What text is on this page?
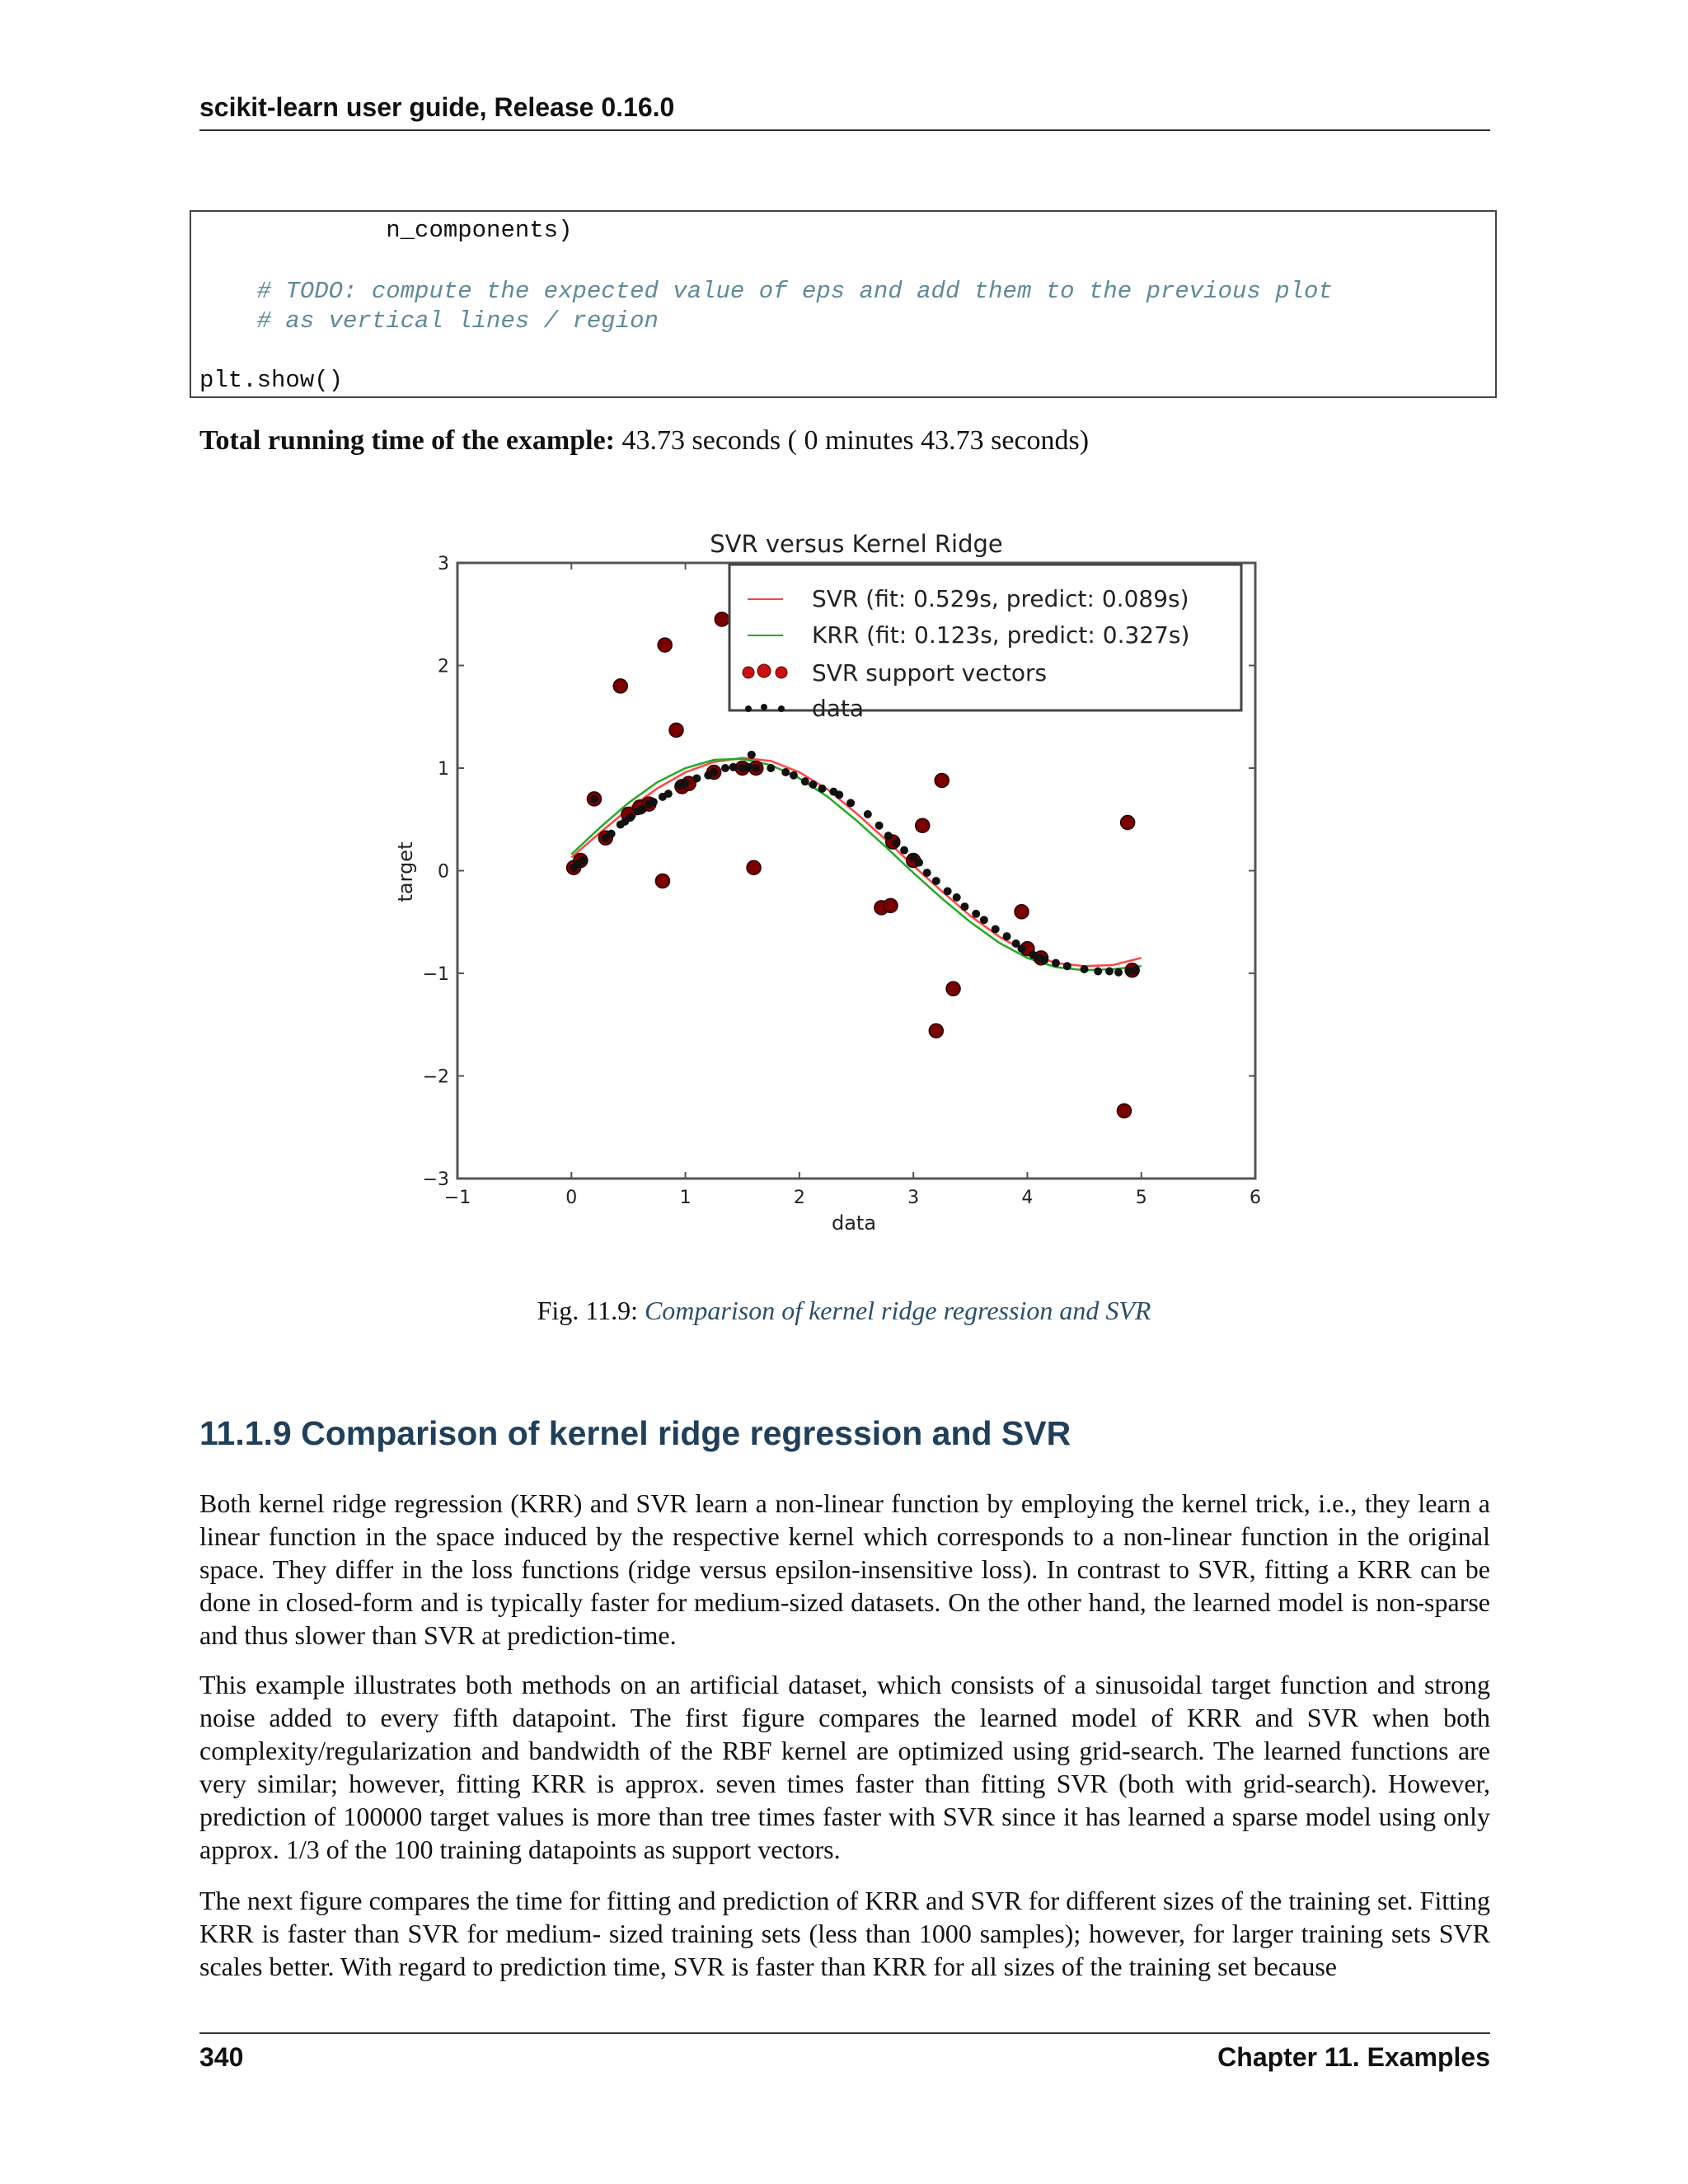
scikit-learn user guide, Release 0.16.0
n_components)
# TODO: compute the expected value of eps and add them to the previous plot
# as vertical lines / region
plt.show()
Total running time of the example: 43.73 seconds ( 0 minutes 43.73 seconds)
SVR versus Kernel Ridge
−1	0	1	2	3	4	5	6
−3
−2
−1
0
1
2
3
data
target
SVR (fit: 0.529s, predict: 0.089s)
KRR (fit: 0.123s, predict: 0.327s)
SVR support vectors
data
Fig. 11.9: Comparison of kernel ridge regression and SVR
11.1.9 Comparison of kernel ridge regression and SVR

Both kernel ridge regression (KRR) and SVR learn a non-linear function by employing the kernel trick, i.e., they learn a linear function in the space induced by the respective kernel which corresponds to a non-linear function in the original space. They differ in the loss functions (ridge versus epsilon-insensitive loss). In contrast to SVR, fitting a KRR can be done in closed-form and is typically faster for medium-sized datasets. On the other hand, the learned model is non-sparse and thus slower than SVR at prediction-time.

This example illustrates both methods on an artificial dataset, which consists of a sinusoidal target function and strong noise added to every fifth datapoint. The first figure compares the learned model of KRR and SVR when both complexity/regularization and bandwidth of the RBF kernel are optimized using grid-search. The learned functions are very similar; however, fitting KRR is approx. seven times faster than fitting SVR (both with grid-search). However, prediction of 100000 target values is more than tree times faster with SVR since it has learned a sparse model using only approx. 1/3 of the 100 training datapoints as support vectors.

The next figure compares the time for fitting and prediction of KRR and SVR for different sizes of the training set. Fitting KRR is faster than SVR for medium- sized training sets (less than 1000 samples); however, for larger training sets SVR scales better. With regard to prediction time, SVR is faster than KRR for all sizes of the training set because

340	Chapter 11. Examples
